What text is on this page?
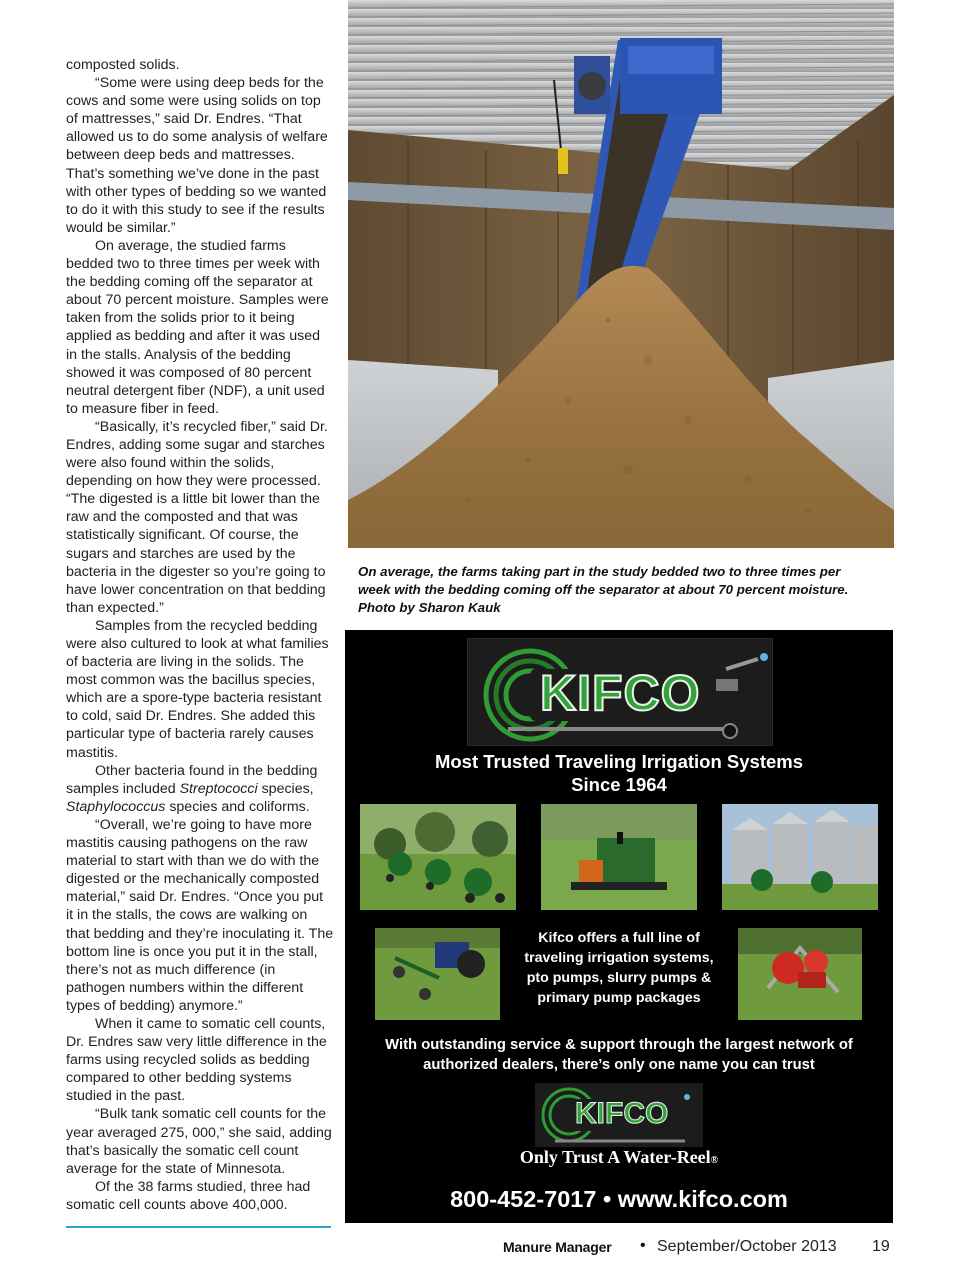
composted solids.

“Some were using deep beds for the cows and some were using solids on top of mattresses,” said Dr. Endres. “That allowed us to do some analysis of welfare between deep beds and mattresses. That’s something we’ve done in the past with other types of bedding so we wanted to do it with this study to see if the results would be similar.”

On average, the studied farms bedded two to three times per week with the bedding coming off the separator at about 70 percent moisture. Samples were taken from the solids prior to it being applied as bedding and after it was used in the stalls. Analysis of the bedding showed it was composed of 80 percent neutral detergent fiber (NDF), a unit used to measure fiber in feed.

“Basically, it’s recycled fiber,” said Dr. Endres, adding some sugar and starches were also found within the solids, depending on how they were processed. “The digested is a little bit lower than the raw and the composted and that was statistically significant. Of course, the sugars and starches are used by the bacteria in the digester so you’re going to have lower concentration on that bedding than expected.”

Samples from the recycled bedding were also cultured to look at what families of bacteria are living in the solids. The most common was the bacillus species, which are a spore-type bacteria resistant to cold, said Dr. Endres. She added this particular type of bacteria rarely causes mastitis.

Other bacteria found in the bedding samples included Streptococci species, Staphylococcus species and coliforms.

“Overall, we’re going to have more mastitis causing pathogens on the raw material to start with than we do with the digested or the mechanically composted material,” said Dr. Endres. “Once you put it in the stalls, the cows are walking on that bedding and they’re inoculating it. The bottom line is once you put it in the stall, there’s not as much difference (in pathogen numbers within the different types of bedding) anymore.”

When it came to somatic cell counts, Dr. Endres saw very little difference in the farms using recycled solids as bedding compared to other bedding systems studied in the past.

“Bulk tank somatic cell counts for the year averaged 275, 000,” she said, adding that’s basically the somatic cell count average for the state of Minnesota.

Of the 38 farms studied, three had somatic cell counts above 400,000.

On average, the farms taking part in the study bedded two to three times per
week with the bedding coming off the separator at about 70 percent moisture.
Photo by Sharon Kauk
KIFCO
Most Trusted Traveling Irrigation Systems
Since 1964
Kifco offers a full line of
traveling irrigation systems,
pto pumps, slurry pumps &
primary pump packages
With outstanding service & support through the largest network of
authorized dealers, there’s only one name you can trust
KIFCO
Only Trust A Water-Reel®
800-452-7017 • www.kifco.com
Manure Manager • September/October 2013 19
